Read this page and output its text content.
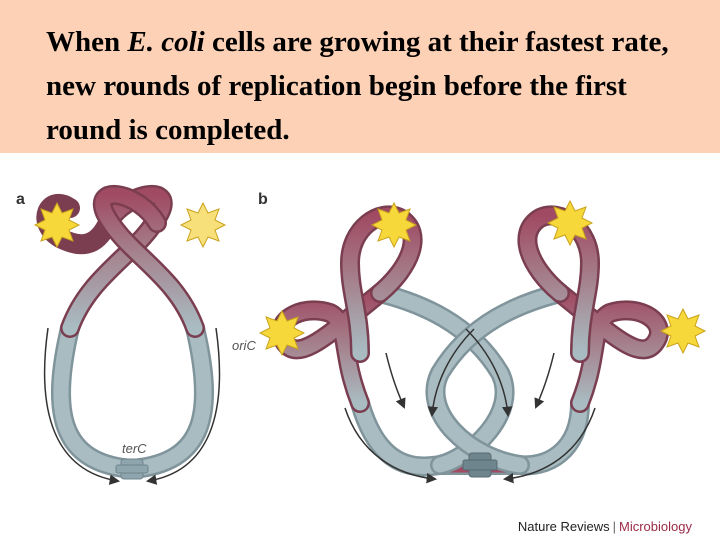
When E. coli cells are growing at their fastest rate, new rounds of replication begin before the first round is completed.

a
terC
b
oriC
Nature Reviews | Microbiology
